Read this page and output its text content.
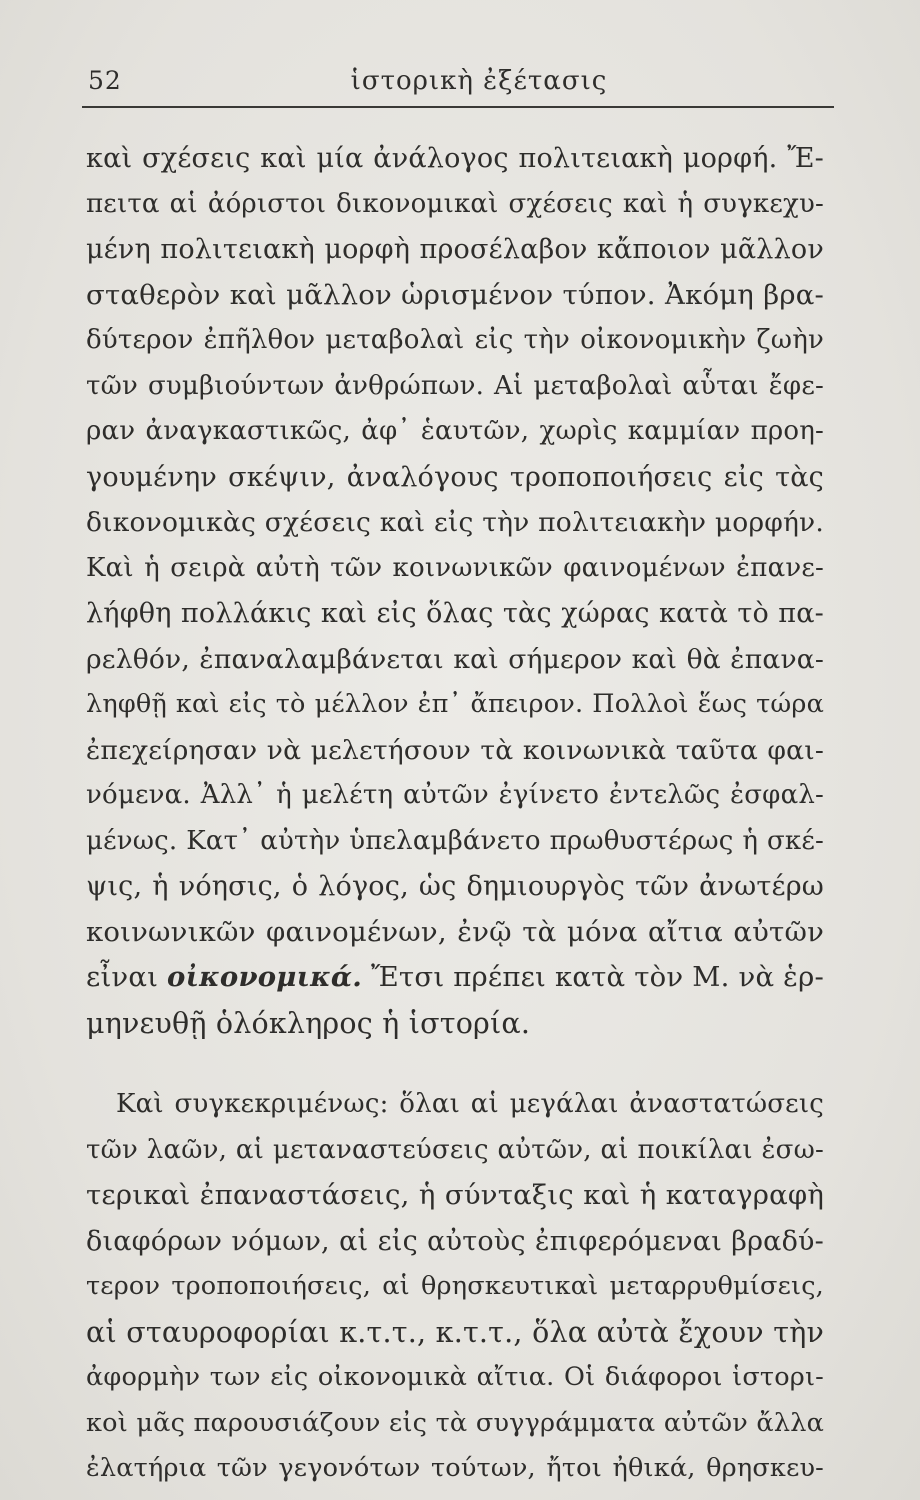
52	ἱστορικὴ ἐξέτασις
καὶ σχέσεις καὶ μία ἀνάλογος πολιτειακὴ μορφή. Ἔ-
πειτα αἱ ἀόριστοι δικονομικαὶ σχέσεις καὶ ἡ συγκεχυ-
μένη πολιτειακὴ μορφὴ προσέλαβον κἄποιον μᾶλλον
σταθερὸν καὶ μᾶλλον ὡρισμένον τύπον. Ἀκόμη βρα-
δύτερον ἐπῆλθον μεταβολαὶ εἰς τὴν οἰκονομικὴν ζωὴν
τῶν συμβιούντων ἀνθρώπων. Αἱ μεταβολαὶ αὗται ἔφε-
ραν ἀναγκαστικῶς, ἀφ᾿ ἑαυτῶν, χωρὶς καμμίαν προη-
γουμένην σκέψιν, ἀναλόγους τροποποιήσεις εἰς τὰς
δικονομικὰς σχέσεις καὶ εἰς τὴν πολιτειακὴν μορφήν.
Καὶ ἡ σειρὰ αὐτὴ τῶν κοινωνικῶν φαινομένων ἐπανε-
λήφθη πολλάκις καὶ εἰς ὅλας τὰς χώρας κατὰ τὸ πα-
ρελθόν, ἐπαναλαμβάνεται καὶ σήμερον καὶ θὰ ἐπανα-
ληφθῇ καὶ εἰς τὸ μέλλον ἐπ᾿ ἄπειρον. Πολλοὶ ἕως τώρα
ἐπεχείρησαν νὰ μελετήσουν τὰ κοινωνικὰ ταῦτα φαι-
νόμενα. Ἀλλ᾿ ἡ μελέτη αὐτῶν ἐγίνετο ἐντελῶς ἐσφαλ-
μένως. Κατ᾿ αὐτὴν ὑπελαμβάνετο πρωθυστέρως ἡ σκέ-
ψις, ἡ νόησις, ὁ λόγος, ὡς δημιουργὸς τῶν ἀνωτέρω
κοινωνικῶν φαινομένων, ἐνῷ τὰ μόνα αἴτια αὐτῶν
εἶναι οἰκονομικά. Ἔτσι πρέπει κατὰ τὸν Μ. νὰ ἑρ-
μηνευθῇ ὁλόκληρος ἡ ἱστορία.
Καὶ συγκεκριμένως: ὅλαι αἱ μεγάλαι ἀναστατώσεις
τῶν λαῶν, αἱ μεταναστεύσεις αὐτῶν, αἱ ποικίλαι ἐσω-
τερικαὶ ἐπαναστάσεις, ἡ σύνταξις καὶ ἡ καταγραφὴ
διαφόρων νόμων, αἱ εἰς αὐτοὺς ἐπιφερόμεναι βραδύ-
τερον τροποποιήσεις, αἱ θρησκευτικαὶ μεταρρυθμίσεις,
αἱ σταυροφορίαι κ.τ.τ., κ.τ.τ., ὅλα αὐτὰ ἔχουν τὴν
ἀφορμὴν των εἰς οἰκονομικὰ αἴτια. Οἱ διάφοροι ἱστορι-
κοὶ μᾶς παρουσιάζουν εἰς τὰ συγγράμματα αὐτῶν ἄλλα
ἐλατήρια τῶν γεγονότων τούτων, ἤτοι ἠθικά, θρησκευ-
